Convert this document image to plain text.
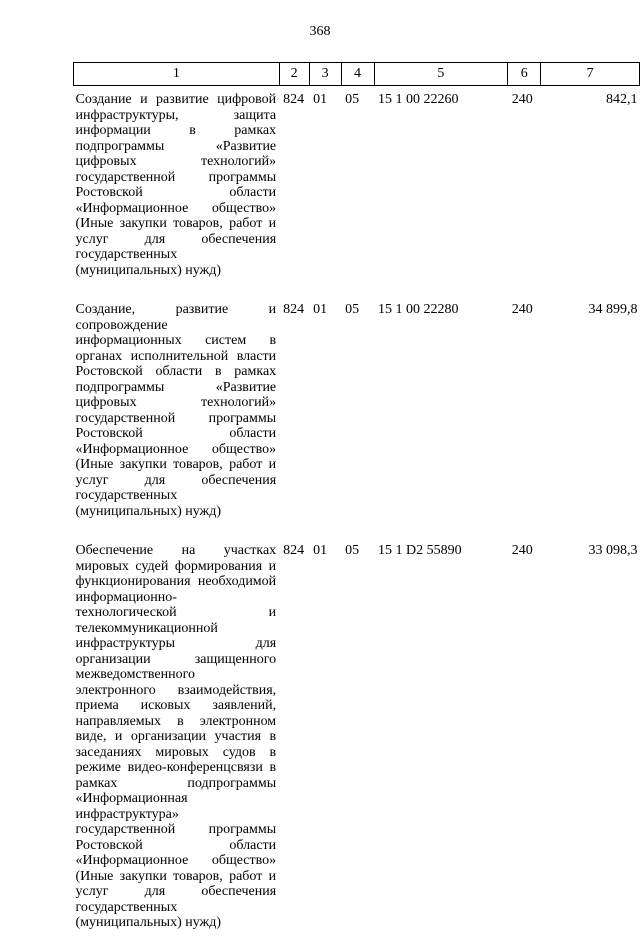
368
1	2	3	4	5	6	7
Создание и развитие цифровой инфраструктуры, защита информации в рамках подпрограммы «Развитие цифровых технологий» государственной программы Ростовской области «Информационное общество» (Иные закупки товаров, работ и услуг для обеспечения государственных (муниципальных) нужд)	824	01	05	15 1 00 22260	240	842,1
Создание, развитие и сопровождение информационных систем в органах исполнительной власти Ростовской области в рамках подпрограммы «Развитие цифровых технологий» государственной программы Ростовской области «Информационное общество» (Иные закупки товаров, работ и услуг для обеспечения государственных (муниципальных) нужд)	824	01	05	15 1 00 22280	240	34 899,8
Обеспечение на участках мировых судей формирования и функционирования необходимой информационно-технологической и телекоммуникационной инфраструктуры для организации защищенного межведомственного электронного взаимодействия, приема исковых заявлений, направляемых в электронном виде, и организации участия в заседаниях мировых судов в режиме видео-конференцсвязи в рамках подпрограммы «Информационная инфраструктура» государственной программы Ростовской области «Информационное общество» (Иные закупки товаров, работ и услуг для обеспечения государственных (муниципальных) нужд)	824	01	05	15 1 D2 55890	240	33 098,3
